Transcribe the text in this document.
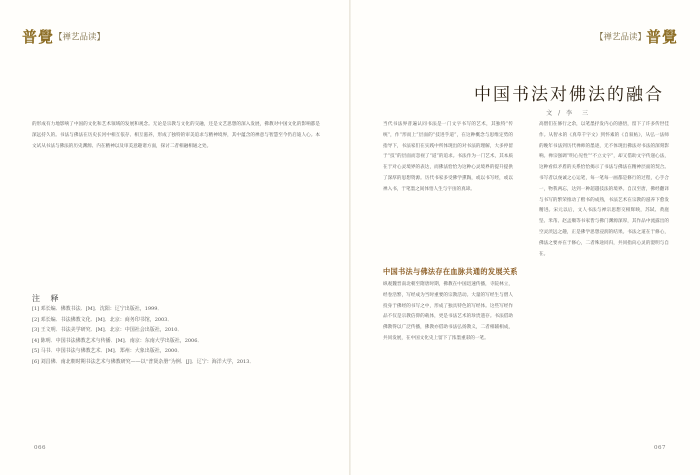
普覺【禅艺品读】
的形成有力地影响了中国的文化和艺术领域的发展和观念。无论是宗教与文化的交融，还是文艺思想的深入发展，佛教对中国文化的影响都是深远持久的。书法与佛法在历史长河中相互依存、相互滋养，形成了独特的审美追求与精神境界，其中蕴含的禅意与智慧至今仍启迪人心。本文试从书法与佛法的历史渊源、内在精神以及审美意趣诸方面，探讨二者相融相通之处。
注 释
[1] 邓长编．佛教书法．[M]．沈阳：辽宁出版社，1999．
[2] 邓长编．书法佛教文化．[M]．北京：商务印书馆，2003．
[3] 王文明．书法美学研究．[M]．北京：中国社会出版社，2010．
[4] 陈明．中国书法佛教艺术与传播．[M]．南京：东南大学出版社，2006．
[5] 马书．中国书法与佛教艺术．[M]．郑州：大象出版社，2000．
[6] 刘昌佛．南北朝时期书法艺术与佛教研究——以“普贤杂册”为例．[J]．辽宁：海洋大学，2013．
066
【禅艺品读】普覺
中国书法对佛法的融合
文 / 李　三
当代书法界普遍认同书法是一门文字书写的艺术，其独特“传统”，作“形而上”层面的“技进乎道”，在这种概念与思维定势的指导下，书法家们在实践中所体现出的对书法的理解，大多停留于“技”的层面而忽视了“道”的追求。书法作为一门艺术，其本质在于对心灵境界的表达，而佛法恰恰为这种心灵境界的提升提供了深厚的思想资源。历代书家多受佛学熏陶，或以书写经，或以禅入书，于笔墨之间体悟人生与宇宙的真谛。
中国书法与佛法存在血脉共通的发展关系
纵观魏晋南北朝至隋唐时期，佛教在中国迅速传播，寺院林立，经卷浩繁，写经成为当时重要的宗教活动。大量的写经生与僧人投身于佛经的书写之中，形成了独具特色的写经体。这些写经作品不仅是宗教信仰的载体，更是书法艺术的珍贵遗存。书法借助佛教得以广泛传播，佛教亦借助书法弘扬教义，二者相辅相成，共同发展，在中国文化史上留下了浓墨重彩的一笔。
高僧们在修行之余，以笔墨抒发内心的感悟，留下了许多传世佳作。从智永的《真草千字文》到怀素的《自叙帖》，从弘一法师的晚年书法到历代禅师的墨迹，无不体现出佛法对书法的深刻影响。禅宗强调“明心见性”“不立文字”，却又借助文字传递心法，这种看似矛盾的关系恰恰揭示了书法与佛法在精神层面的契合。书写者以虔诚之心运笔，每一笔每一画都是修行的过程，心手合一，物我两忘，达到一种超越技法的境界。自汉至唐，佛经翻译与书写的繁荣推动了楷书的成熟，书法艺术在宗教的滋养下愈发精进。宋元以后，文人书法与禅宗思想交相辉映，苏轼、黄庭坚、米芾、赵孟頫等书家皆与佛门渊源深厚，其作品中流露出的空灵淡远之趣，正是佛学思想浸润的结果。书法之道在于修心，佛法之要亦在于修心，二者殊途同归，共同指向心灵的澄明与自在。
067
